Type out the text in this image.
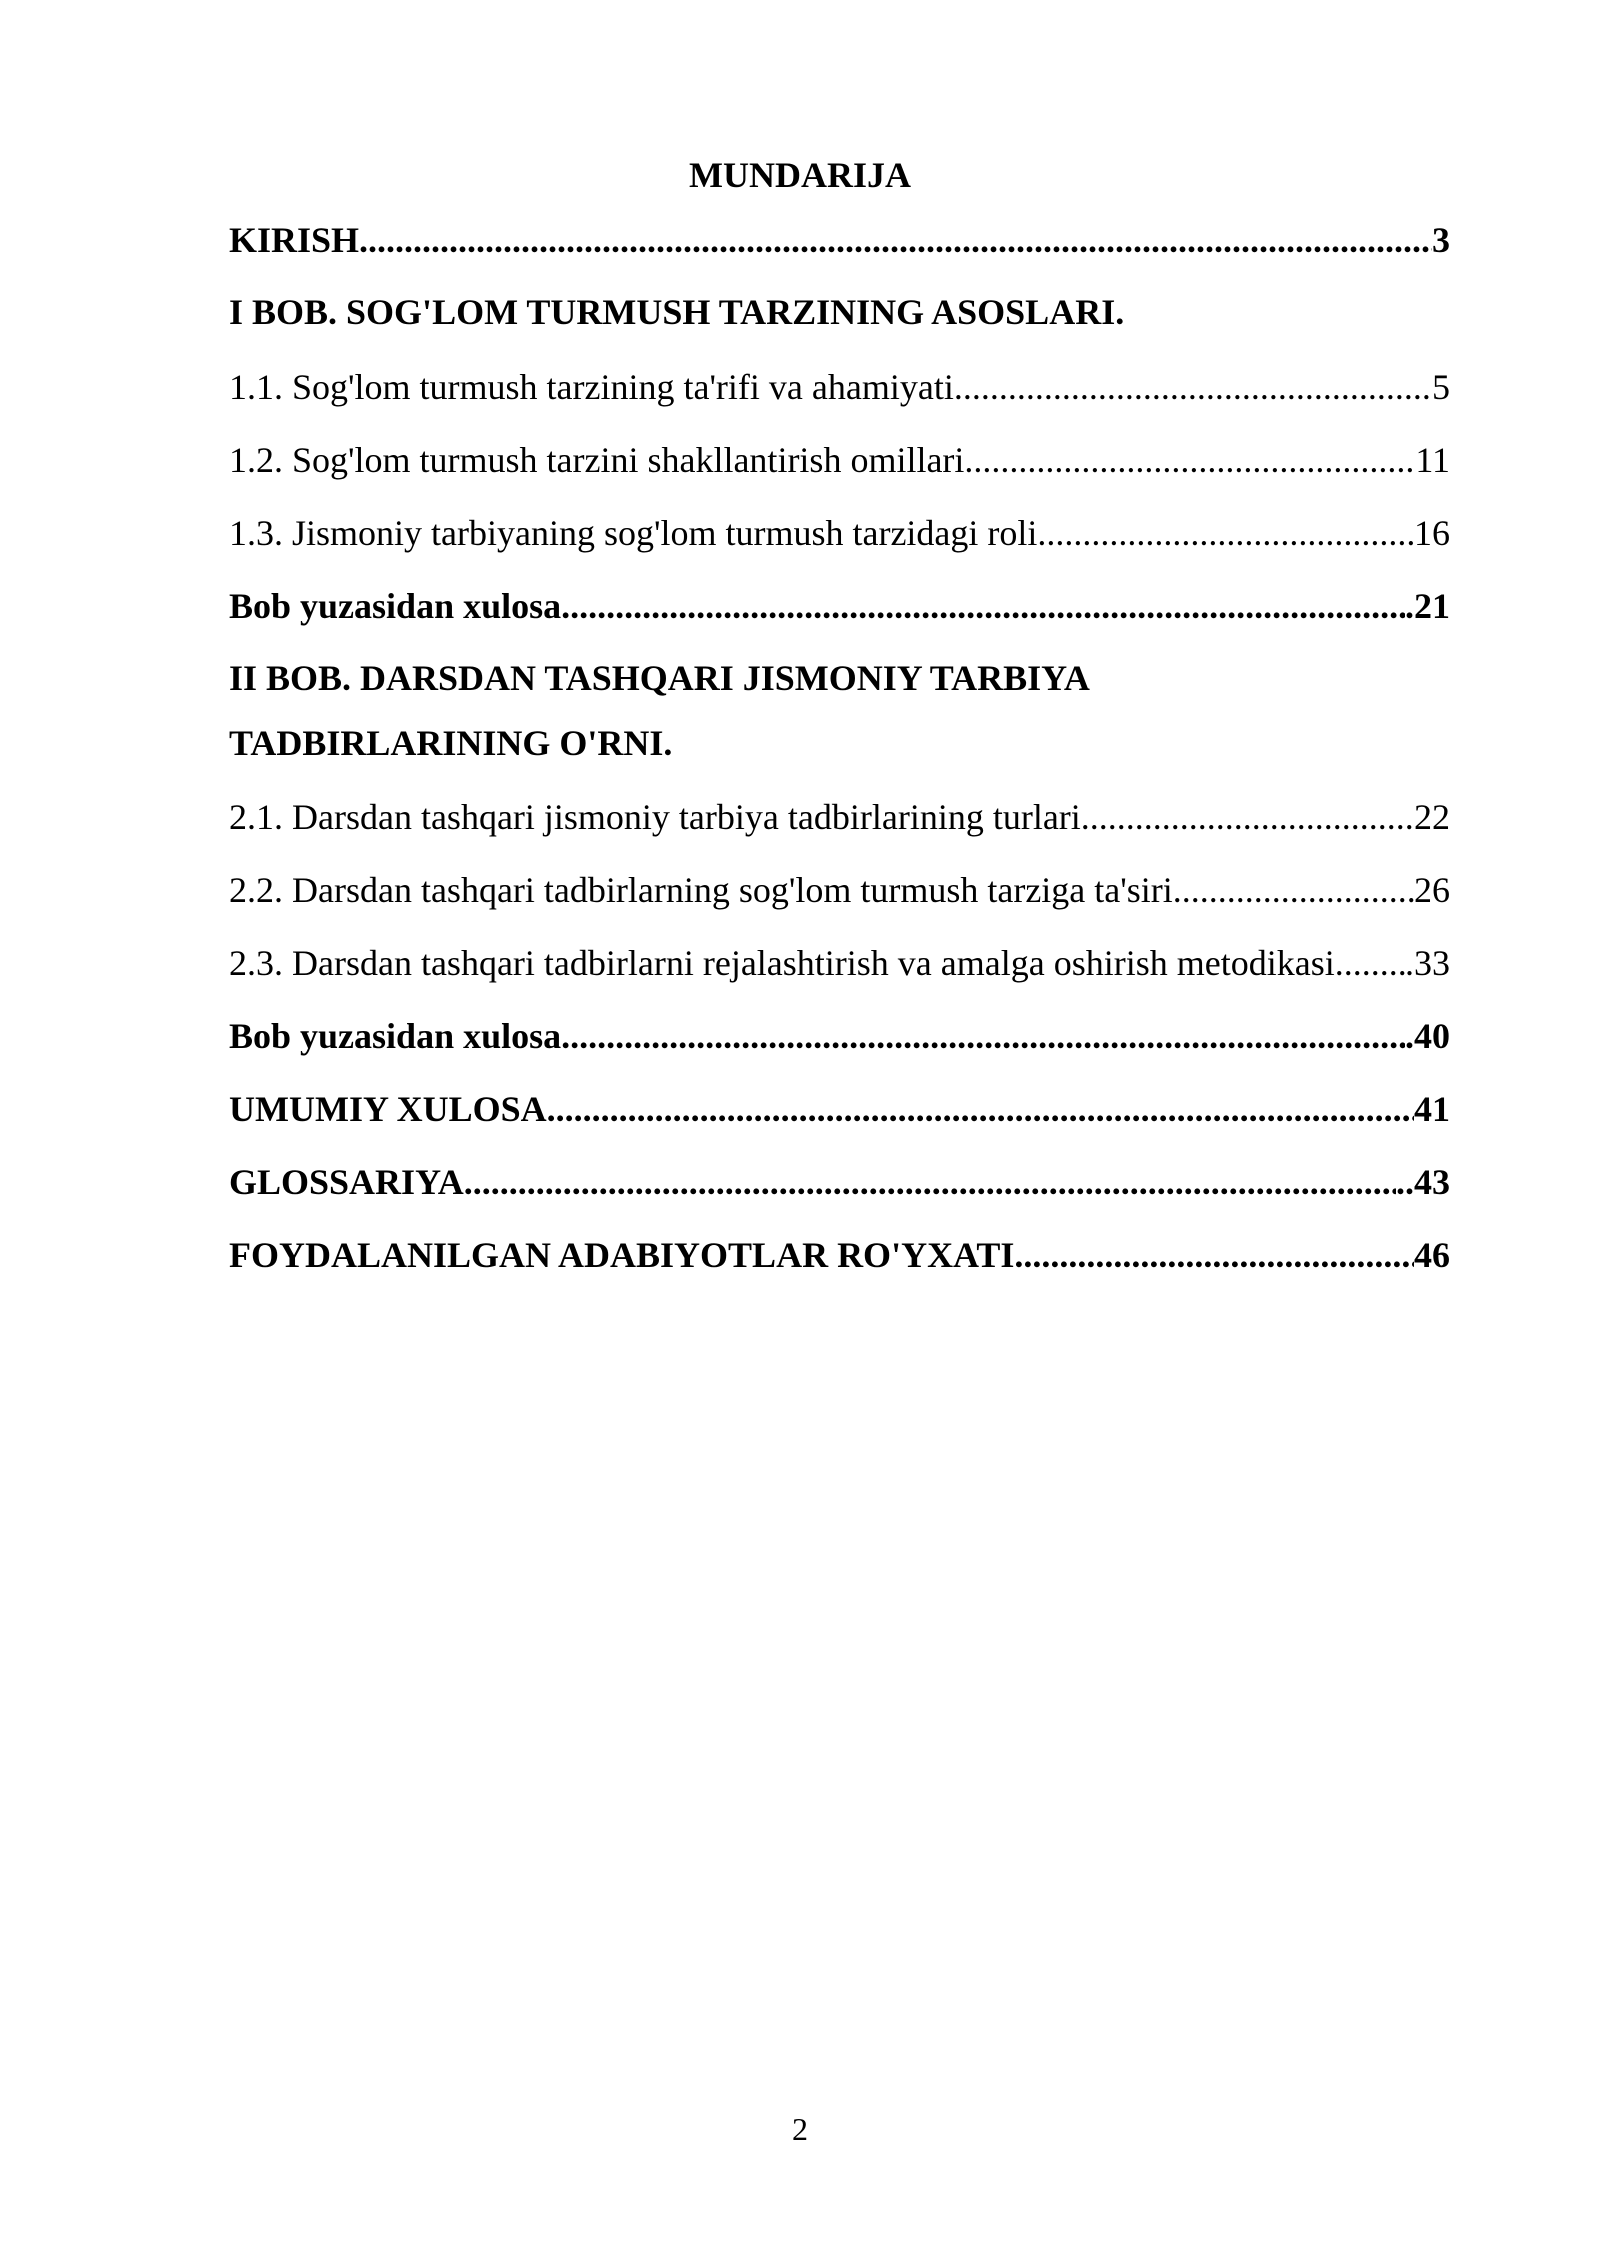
MUNDARIJA
KIRISH .....	3
I BOB. SOG'LOM TURMUSH TARZINING ASOSLARI.
1.1. Sog'lom turmush tarzining ta'rifi va ahamiyati .....	5
1.2. Sog'lom turmush tarzini shakllantirish omillari .....	11
1.3. Jismoniy tarbiyaning sog'lom turmush tarzidagi roli .....	16
Bob yuzasidan xulosa .....	.21
II BOB. DARSDAN TASHQARI JISMONIY TARBIYA
TADBIRLARINING O'RNI.
2.1. Darsdan tashqari jismoniy tarbiya tadbirlarining turlari .....	22
2.2. Darsdan tashqari tadbirlarning sog'lom turmush tarziga ta'siri .....	26
2.3. Darsdan tashqari tadbirlarni rejalashtirish va amalga oshirish metodikasi. ..... .33
Bob yuzasidan xulosa .....	.40
UMUMIY XULOSA .....	41
GLOSSARIYA .....	..43
FOYDALANILGAN ADABIYOTLAR RO'YXATI .....	46
2
